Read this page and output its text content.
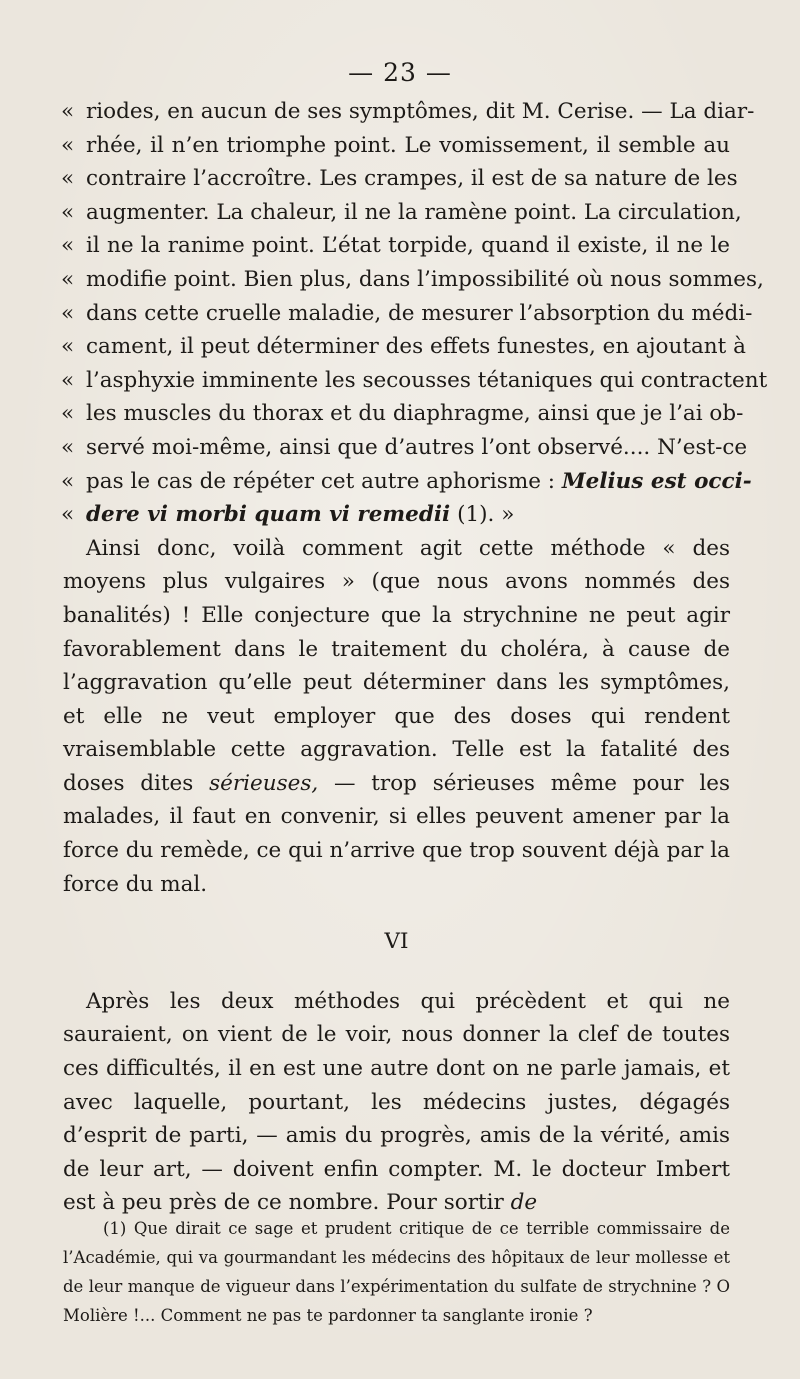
— 23 —
« riodes, en aucun de ses symptômes, dit M. Cerise. — La diar-
« rhée, il n’en triomphe point. Le vomissement, il semble au
« contraire l’accroître. Les crampes, il est de sa nature de les
« augmenter. La chaleur, il ne la ramène point. La circulation,
« il ne la ranime point. L’état torpide, quand il existe, il ne le
« modifie point. Bien plus, dans l’impossibilité où nous sommes,
« dans cette cruelle maladie, de mesurer l’absorption du médi-
« cament, il peut déterminer des effets funestes, en ajoutant à
« l’asphyxie imminente les secousses tétaniques qui contractent
« les muscles du thorax et du diaphragme, ainsi que je l’ai ob-
« servé moi-même, ainsi que d’autres l’ont observé.... N’est-ce
« pas le cas de répéter cet autre aphorisme : Melius est occi-
« dere vi morbi quam vi remedii (1). »

Ainsi donc, voilà comment agit cette méthode « des moyens plus vulgaires » (que nous avons nommés des banalités) ! Elle conjecture que la strychnine ne peut agir favorablement dans le traitement du choléra, à cause de l’aggravation qu’elle peut déterminer dans les symptômes, et elle ne veut employer que des doses qui rendent vraisemblable cette aggravation. Telle est la fatalité des doses dites sérieuses, — trop sérieuses même pour les malades, il faut en convenir, si elles peuvent amener par la force du remède, ce qui n’arrive que trop souvent déjà par la force du mal.

VI

Après les deux méthodes qui précèdent et qui ne sauraient, on vient de le voir, nous donner la clef de toutes ces difficultés, il en est une autre dont on ne parle jamais, et avec laquelle, pourtant, les médecins justes, dégagés d’esprit de parti, — amis du progrès, amis de la vérité, amis de leur art, — doivent enfin compter. M. le docteur Imbert est à peu près de ce nombre. Pour sortir de

(1) Que dirait ce sage et prudent critique de ce terrible commissaire de l’Académie, qui va gourmandant les médecins des hôpitaux de leur mollesse et de leur manque de vigueur dans l’expérimentation du sulfate de strychnine ? O Molière !... Comment ne pas te pardonner ta sanglante ironie ?
